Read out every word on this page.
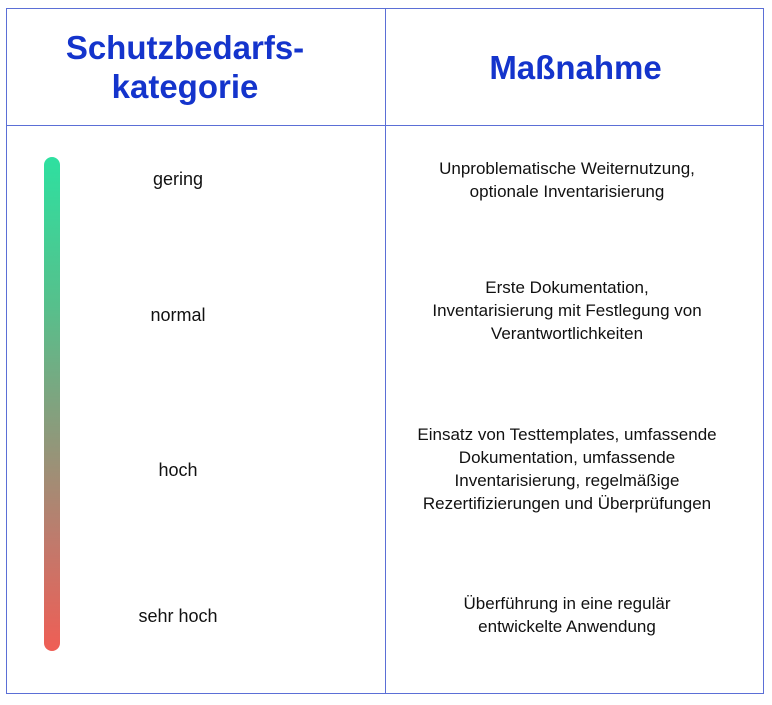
Schutzbedarfs-
kategorie
Maßnahme
gering
normal
hoch
sehr hoch
Unproblematische Weiternutzung,
optionale Inventarisierung
Erste Dokumentation,
Inventarisierung mit Festlegung von
Verantwortlichkeiten
Einsatz von Testtemplates, umfassende
Dokumentation, umfassende
Inventarisierung, regelmäßige
Rezertifizierungen und Überprüfungen
Überführung in eine regulär
entwickelte Anwendung
